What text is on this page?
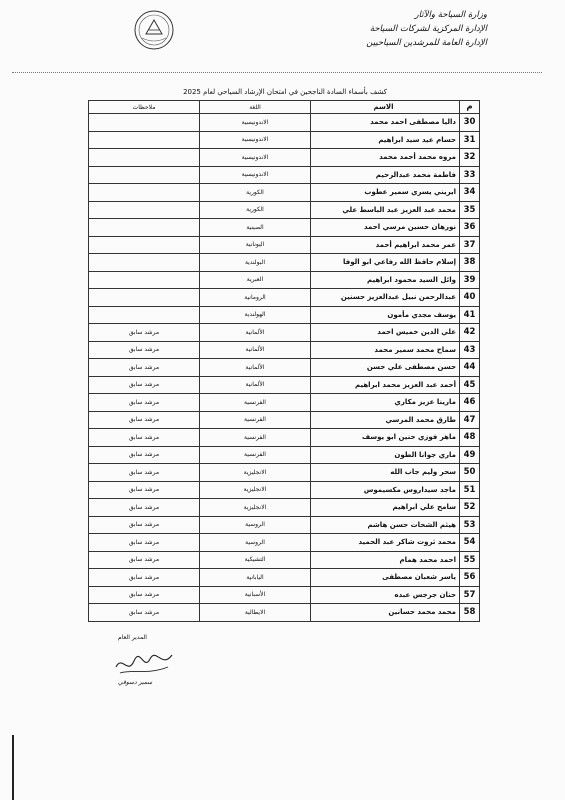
وزارة السياحة والآثار
الإدارة المركزية لشركات السياحة
الإدارة العامة للمرشدين السياحيين
كشف بأسماء السادة الناجحين في امتحان الإرشاد السياحي لعام 2025
م	الاسم	اللغة	ملاحظات
30	داليا مصطفى احمد محمد	الاندونيسية	
31	حسام عيد سيد ابراهيم	الاندونيسية	
32	مروه محمد أحمد محمد	الاندونيسية	
33	فاطمة محمد عبدالرحيم	الاندونيسية	
34	ايريني يسري سمير عطوب	الكورية	
35	محمد عبد العزيز عبد الباسط علي	الكورية	
36	نورهان حسين مرسي احمد	الصينية	
37	عمر محمد ابراهيم أحمد	اليونانية	
38	إسلام حافظ الله رفاعي ابو الوفا	البولندية	
39	وائل السيد محمود ابراهيم	العبرية	
40	عبدالرحمن نبيل عبدالعزيز حسنين	الرومانية	
41	يوسف مجدي مأمون	الهولندية	
42	علي الدين خميس احمد	الألمانية	مرشد سابق
43	سماح محمد سمير محمد	الألمانية	مرشد سابق
44	حسن مصطفى علي حسن	الألمانية	مرشد سابق
45	أحمد عبد العزيز محمد ابراهيم	الألمانية	مرشد سابق
46	مارينا عزيز مكاري	الفرنسية	مرشد سابق
47	طارق محمد المرسي	الفرنسية	مرشد سابق
48	ماهر فوزي حنين ابو يوسف	الفرنسية	مرشد سابق
49	ماري جوانا الطون	الفرنسية	مرشد سابق
50	سحر وليم جاب الله	الانجليزية	مرشد سابق
51	ماجد سيداروس مكسيموس	الانجليزية	مرشد سابق
52	سامح علي ابراهيم	الانجليزية	مرشد سابق
53	هيثم الشحات حسن هاشم	الروسية	مرشد سابق
54	محمد ثروت شاكر عبد الحميد	الروسية	مرشد سابق
55	احمد محمد همام	التشيكية	مرشد سابق
56	ياسر شعبان مصطفى	اليابانية	مرشد سابق
57	حنان جرجس عبده	الأسبانية	مرشد سابق
58	محمد محمد حسانين	الايطالية	مرشد سابق
المدير العام
سمير دسوقي
